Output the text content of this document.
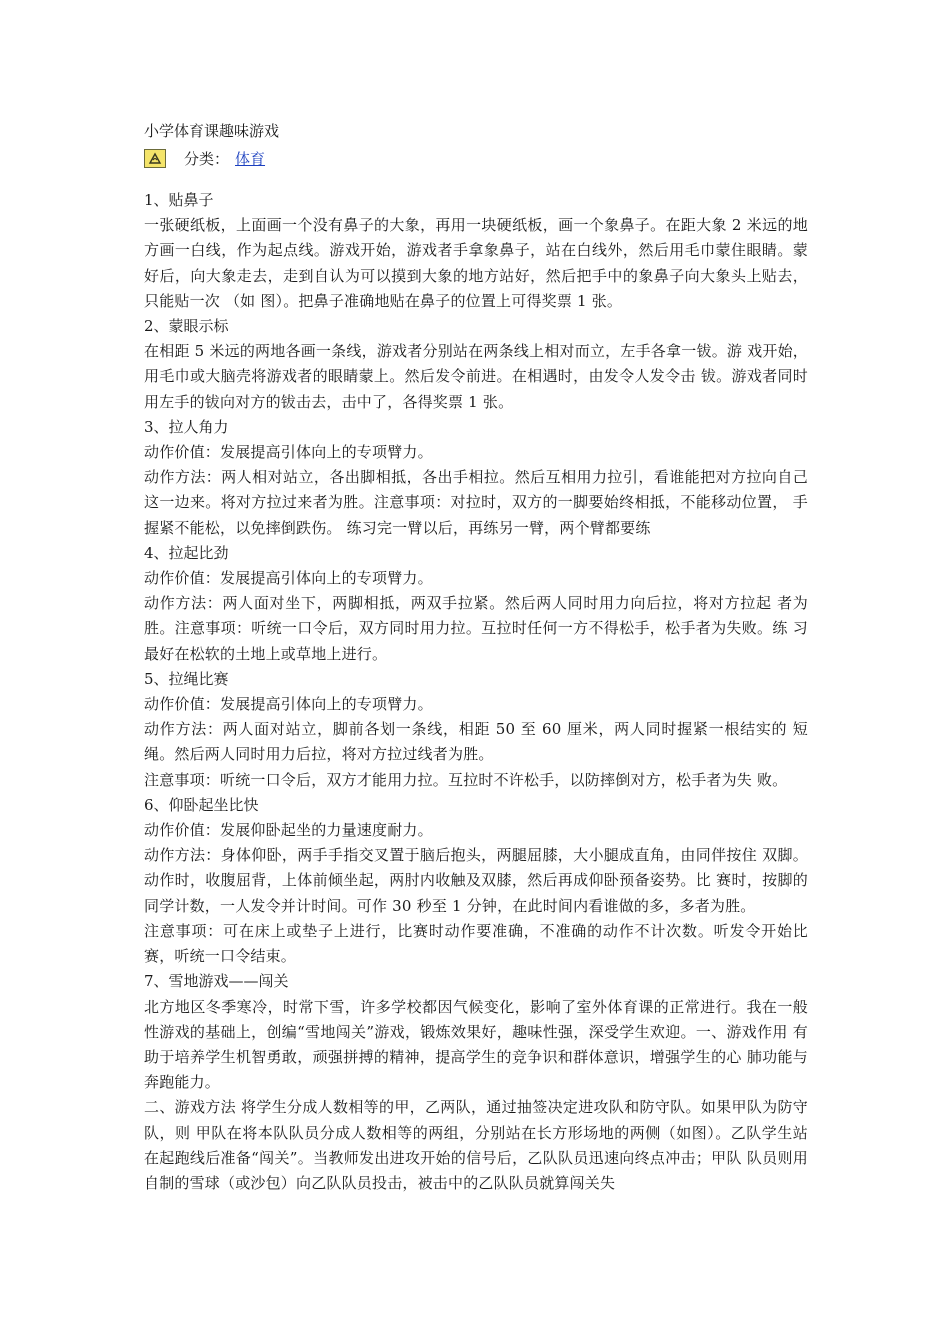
小学体育课趣味游戏

分类： 体育

1、贴鼻子

一张硬纸板，上面画一个没有鼻子的大象，再用一块硬纸板，画一个象鼻子。在距大象 2 米远的地方画一白线，作为起点线。游戏开始，游戏者手拿象鼻子，站在白线外，然后用毛巾蒙住眼睛。蒙好后，向大象走去，走到自认为可以摸到大象的地方站好，然后把手中的象鼻子向大象头上贴去， 只能贴一次 （如 图）。把鼻子准确地贴在鼻子的位置上可得奖票 1 张。

2、蒙眼示标

在相距 5 米远的两地各画一条线，游戏者分别站在两条线上相对而立，左手各拿一钹。游 戏开始，用毛巾或大脑壳将游戏者的眼睛蒙上。然后发令前进。在相遇时，由发令人发令击 钹。游戏者同时用左手的钹向对方的钹击去，击中了，各得奖票 1 张。

3、拉人角力

动作价值：发展提高引体向上的专项臂力。

动作方法：两人相对站立，各出脚相抵，各出手相拉。然后互相用力拉引，看谁能把对方拉向自己这一边来。将对方拉过来者为胜。注意事项：对拉时，双方的一脚要始终相抵，不能移动位置， 手握紧不能松，以免摔倒跌伤。 练习完一臂以后，再练另一臂，两个臂都要练

4、拉起比劲

动作价值：发展提高引体向上的专项臂力。

动作方法：两人面对坐下，两脚相抵，两双手拉紧。然后两人同时用力向后拉，将对方拉起 者为胜。注意事项：听统一口令后，双方同时用力拉。互拉时任何一方不得松手，松手者为失败。练 习最好在松软的土地上或草地上进行。

5、拉绳比赛

动作价值：发展提高引体向上的专项臂力。

动作方法：两人面对站立，脚前各划一条线，相距 50 至 60 厘米，两人同时握紧一根结实的 短绳。然后两人同时用力后拉，将对方拉过线者为胜。

注意事项：听统一口令后，双方才能用力拉。互拉时不许松手，以防摔倒对方，松手者为失 败。

6、仰卧起坐比快

动作价值：发展仰卧起坐的力量速度耐力。

动作方法：身体仰卧，两手手指交叉置于脑后抱头，两腿屈膝，大小腿成直角，由同伴按住 双脚。动作时，收腹屈背，上体前倾坐起，两肘内收触及双膝，然后再成仰卧预备姿势。比 赛时，按脚的同学计数，一人发令并计时间。可作 30 秒至 1 分钟，在此时间内看谁做的多，多者为胜。

注意事项：可在床上或垫子上进行，比赛时动作要准确，不准确的动作不计次数。听发令开始比赛，听统一口令结束。

7、雪地游戏——闯关

北方地区冬季寒冷，时常下雪，许多学校都因气候变化，影响了室外体育课的正常进行。我在一般性游戏的基础上，创编“雪地闯关”游戏，锻炼效果好，趣味性强，深受学生欢迎。一、游戏作用 有助于培养学生机智勇敢，顽强拼搏的精神，提高学生的竞争识和群体意识，增强学生的心 肺功能与奔跑能力。

二、游戏方法 将学生分成人数相等的甲，乙两队，通过抽签决定进攻队和防守队。如果甲队为防守队，则 甲队在将本队队员分成人数相等的两组，分别站在长方形场地的两侧（如图）。乙队学生站 在起跑线后准备“闯关”。当教师发出进攻开始的信号后，乙队队员迅速向终点冲击；甲队 队员则用自制的雪球（或沙包）向乙队队员投击，被击中的乙队队员就算闯关失
